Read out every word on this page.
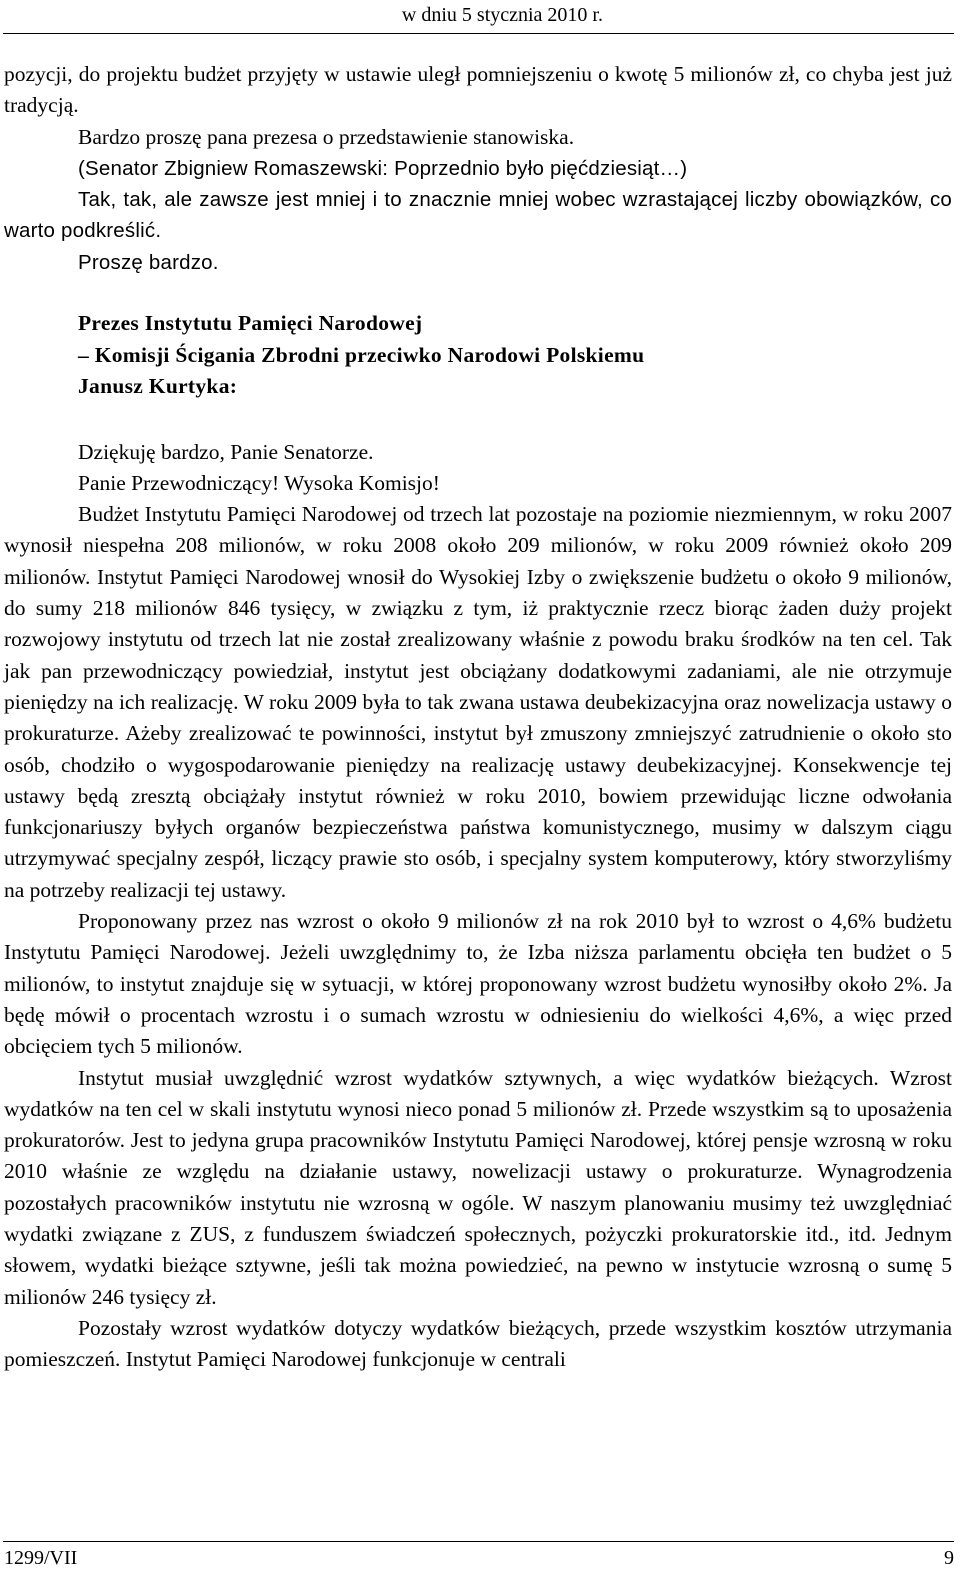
w dniu 5 stycznia 2010 r.

pozycji, do projektu budżet przyjęty w ustawie uległ pomniejszeniu o kwotę 5 milionów zł, co chyba jest już tradycją.

Bardzo proszę pana prezesa o przedstawienie stanowiska.

(Senator Zbigniew Romaszewski: Poprzednio było pięćdziesiąt…)

Tak, tak, ale zawsze jest mniej i to znacznie mniej wobec wzrastającej liczby obowiązków, co warto podkreślić.

Proszę bardzo.

Prezes Instytutu Pamięci Narodowej
– Komisji Ścigania Zbrodni przeciwko Narodowi Polskiemu
Janusz Kurtyka:

Dziękuję bardzo, Panie Senatorze.

Panie Przewodniczący! Wysoka Komisjo!

Budżet Instytutu Pamięci Narodowej od trzech lat pozostaje na poziomie niezmiennym, w roku 2007 wynosił niespełna 208 milionów, w roku 2008 około 209 milionów, w roku 2009 również około 209 milionów. Instytut Pamięci Narodowej wnosił do Wysokiej Izby o zwiększenie budżetu o około 9 milionów, do sumy 218 milionów 846 tysięcy, w związku z tym, iż praktycznie rzecz biorąc żaden duży projekt rozwojowy instytutu od trzech lat nie został zrealizowany właśnie z powodu braku środków na ten cel. Tak jak pan przewodniczący powiedział, instytut jest obciążany dodatkowymi zadaniami, ale nie otrzymuje pieniędzy na ich realizację. W roku 2009 była to tak zwana ustawa deubekizacyjna oraz nowelizacja ustawy o prokuraturze. Ażeby zrealizować te powinności, instytut był zmuszony zmniejszyć zatrudnienie o około sto osób, chodziło o wygospodarowanie pieniędzy na realizację ustawy deubekizacyjnej. Konsekwencje tej ustawy będą zresztą obciążały instytut również w roku 2010, bowiem przewidując liczne odwołania funkcjonariuszy byłych organów bezpieczeństwa państwa komunistycznego, musimy w dalszym ciągu utrzymywać specjalny zespół, liczący prawie sto osób, i specjalny system komputerowy, który stworzyliśmy na potrzeby realizacji tej ustawy.

Proponowany przez nas wzrost o około 9 milionów zł na rok 2010 był to wzrost o 4,6% budżetu Instytutu Pamięci Narodowej. Jeżeli uwzględnimy to, że Izba niższa parlamentu obcięła ten budżet o 5 milionów, to instytut znajduje się w sytuacji, w której proponowany wzrost budżetu wynosiłby około 2%. Ja będę mówił o procentach wzrostu i o sumach wzrostu w odniesieniu do wielkości 4,6%, a więc przed obcięciem tych 5 milionów.

Instytut musiał uwzględnić wzrost wydatków sztywnych, a więc wydatków bieżących. Wzrost wydatków na ten cel w skali instytutu wynosi nieco ponad 5 milionów zł. Przede wszystkim są to uposażenia prokuratorów. Jest to jedyna grupa pracowników Instytutu Pamięci Narodowej, której pensje wzrosną w roku 2010 właśnie ze względu na działanie ustawy, nowelizacji ustawy o prokuraturze. Wynagrodzenia pozostałych pracowników instytutu nie wzrosną w ogóle. W naszym planowaniu musimy też uwzględniać wydatki związane z ZUS, z funduszem świadczeń społecznych, pożyczki prokuratorskie itd., itd. Jednym słowem, wydatki bieżące sztywne, jeśli tak można powiedzieć, na pewno w instytucie wzrosną o sumę 5 milionów 246 tysięcy zł.

Pozostały wzrost wydatków dotyczy wydatków bieżących, przede wszystkim kosztów utrzymania pomieszczeń. Instytut Pamięci Narodowej funkcjonuje w centrali

1299/VII	9
